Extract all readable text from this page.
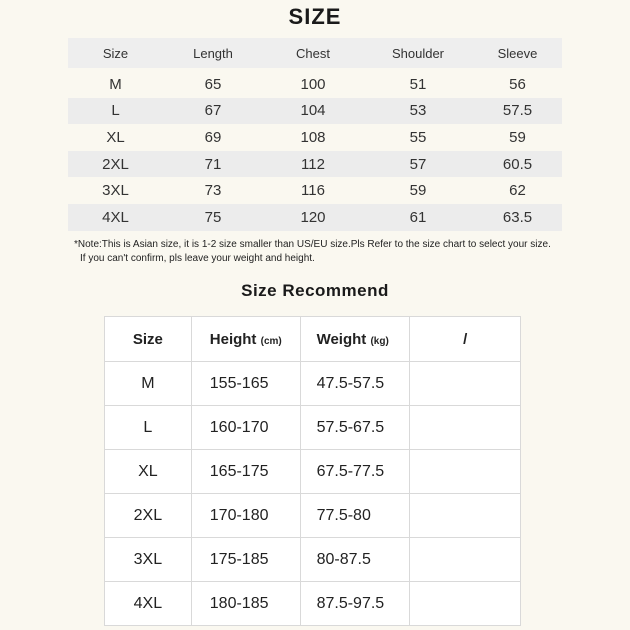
SIZE
Size	Length	Chest	Shoulder	Sleeve
M	65	100	51	56
L	67	104	53	57.5
XL	69	108	55	59
2XL	71	112	57	60.5
3XL	73	116	59	62
4XL	75	120	61	63.5
*Note:This is Asian size, it is 1-2 size smaller than US/EU size.Pls Refer to the size chart to select your size.
If you can't confirm, pls leave your weight and height.
Size Recommend
Size	Height (cm)	Weight (kg)	/
M	155-165	47.5-57.5	
L	160-170	57.5-67.5	
XL	165-175	67.5-77.5	
2XL	170-180	77.5-80	
3XL	175-185	80-87.5	
4XL	180-185	87.5-97.5	
